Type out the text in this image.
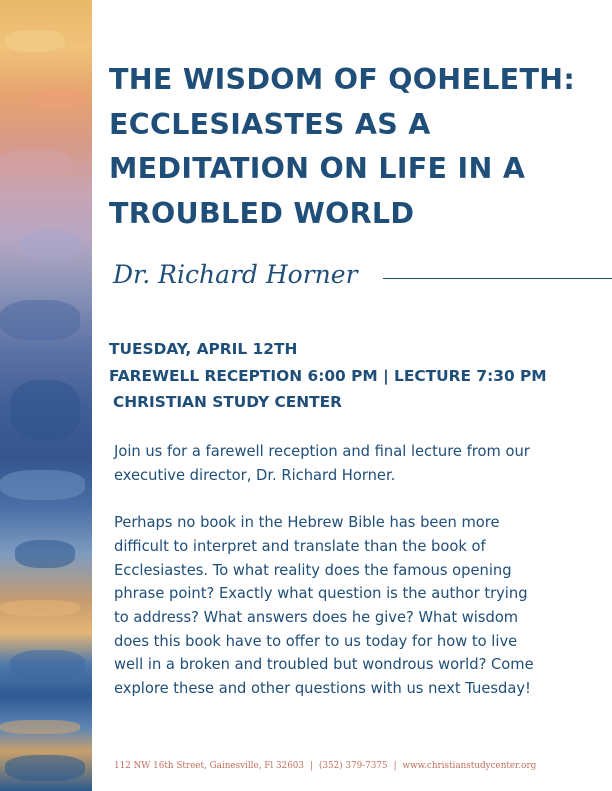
THE WISDOM OF QOHELETH: ECCLESIASTES AS A MEDITATION ON LIFE IN A TROUBLED WORLD
Dr. Richard Horner
TUESDAY, APRIL 12TH
FAREWELL RECEPTION 6:00 PM | LECTURE 7:30 PM
CHRISTIAN STUDY CENTER

Join us for a farewell reception and final lecture from our executive director, Dr. Richard Horner.

Perhaps no book in the Hebrew Bible has been more difficult to interpret and translate than the book of Ecclesiastes. To what reality does the famous opening phrase point? Exactly what question is the author trying to address? What answers does he give? What wisdom does this book have to offer to us today for how to live well in a broken and troubled but wondrous world? Come explore these and other questions with us next Tuesday!

112 NW 16th Street, Gainesville, Fl 32603 | (352) 379-7375 | www.christianstudycenter.org
